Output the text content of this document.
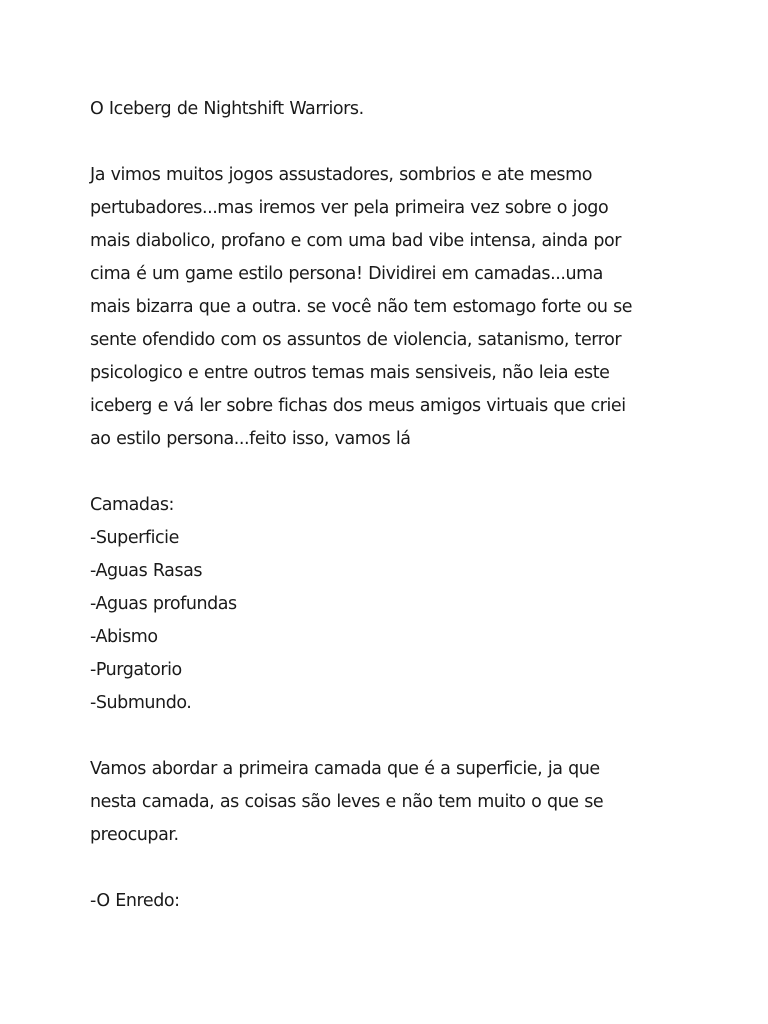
O Iceberg de Nightshift Warriors.
Ja vimos muitos jogos assustadores, sombrios e ate mesmo
pertubadores...mas iremos ver pela primeira vez sobre o jogo
mais diabolico, profano e com uma bad vibe intensa, ainda por
cima é um game estilo persona! Dividirei em camadas...uma
mais bizarra que a outra. se você não tem estomago forte ou se
sente ofendido com os assuntos de violencia, satanismo, terror
psicologico e entre outros temas mais sensiveis, não leia este
iceberg e vá ler sobre fichas dos meus amigos virtuais que criei
ao estilo persona...feito isso, vamos lá
Camadas:
-Superficie
-Aguas Rasas
-Aguas profundas
-Abismo
-Purgatorio
-Submundo.
Vamos abordar a primeira camada que é a superficie, ja que
nesta camada, as coisas são leves e não tem muito o que se
preocupar.
-O Enredo:
